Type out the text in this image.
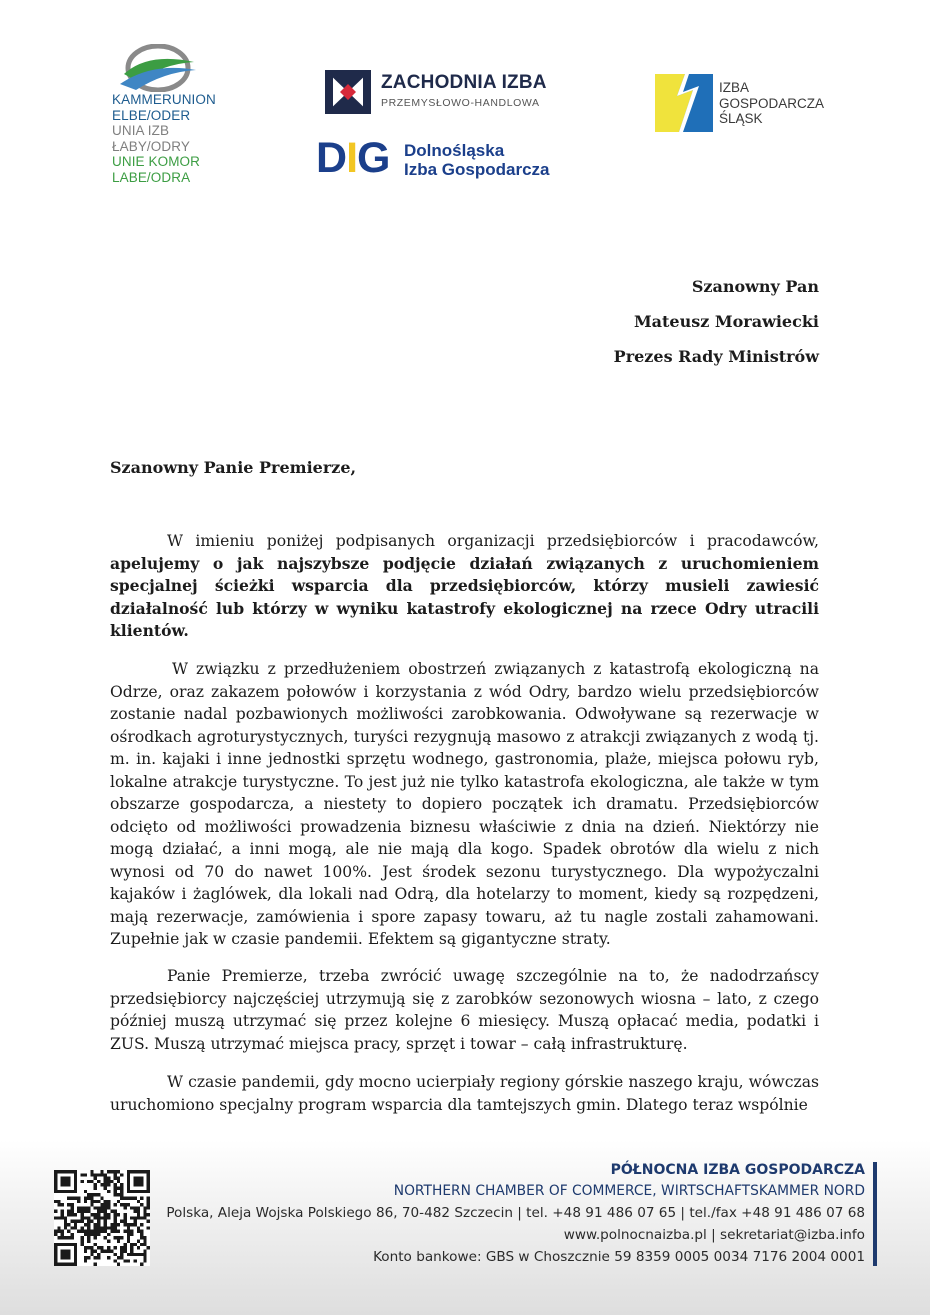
KAMMERUNION
ELBE/ODER
UNIA IZB
ŁABY/ODRY
UNIE KOMOR
LABE/ODRA
ZACHODNIA IZBA
PRZEMYSŁOWO-HANDLOWA
DIG Dolnośląska
Izba Gospodarcza
IZBA
GOSPODARCZA
ŚLĄSK
Szanowny Pan
Mateusz Morawiecki
Prezes Rady Ministrów
Szanowny Panie Premierze,

W imieniu poniżej podpisanych organizacji przedsiębiorców i pracodawców, apelujemy o jak najszybsze podjęcie działań związanych z uruchomieniem specjalnej ścieżki wsparcia dla przedsiębiorców, którzy musieli zawiesić działalność lub którzy w wyniku katastrofy ekologicznej na rzece Odry utracili klientów.

W związku z przedłużeniem obostrzeń związanych z katastrofą ekologiczną na Odrze, oraz zakazem połowów i korzystania z wód Odry, bardzo wielu przedsiębiorców zostanie nadal pozbawionych możliwości zarobkowania. Odwoływane są rezerwacje w ośrodkach agroturystycznych, turyści rezygnują masowo z atrakcji związanych z wodą tj. m. in. kajaki i inne jednostki sprzętu wodnego, gastronomia, plaże, miejsca połowu ryb, lokalne atrakcje turystyczne. To jest już nie tylko katastrofa ekologiczna, ale także w tym obszarze gospodarcza, a niestety to dopiero początek ich dramatu. Przedsiębiorców odcięto od możliwości prowadzenia biznesu właściwie z dnia na dzień. Niektórzy nie mogą działać, a inni mogą, ale nie mają dla kogo. Spadek obrotów dla wielu z nich wynosi od 70 do nawet 100%. Jest środek sezonu turystycznego. Dla wypożyczalni kajaków i żaglówek, dla lokali nad Odrą, dla hotelarzy to moment, kiedy są rozpędzeni, mają rezerwacje, zamówienia i spore zapasy towaru, aż tu nagle zostali zahamowani. Zupełnie jak w czasie pandemii. Efektem są gigantyczne straty.

Panie Premierze, trzeba zwrócić uwagę szczególnie na to, że nadodrzańscy przedsiębiorcy najczęściej utrzymują się z zarobków sezonowych wiosna – lato, z czego później muszą utrzymać się przez kolejne 6 miesięcy. Muszą opłacać media, podatki i ZUS. Muszą utrzymać miejsca pracy, sprzęt i towar – całą infrastrukturę.

W czasie pandemii, gdy mocno ucierpiały regiony górskie naszego kraju, wówczas uruchomiono specjalny program wsparcia dla tamtejszych gmin. Dlatego teraz wspólnie

PÓŁNOCNA IZBA GOSPODARCZA
NORTHERN CHAMBER OF COMMERCE, WIRTSCHAFTSKAMMER NORD
Polska, Aleja Wojska Polskiego 86, 70-482 Szczecin | tel. +48 91 486 07 65 | tel./fax +48 91 486 07 68
www.polnocnaizba.pl | sekretariat@izba.info
Konto bankowe: GBS w Choszcznie 59 8359 0005 0034 7176 2004 0001
